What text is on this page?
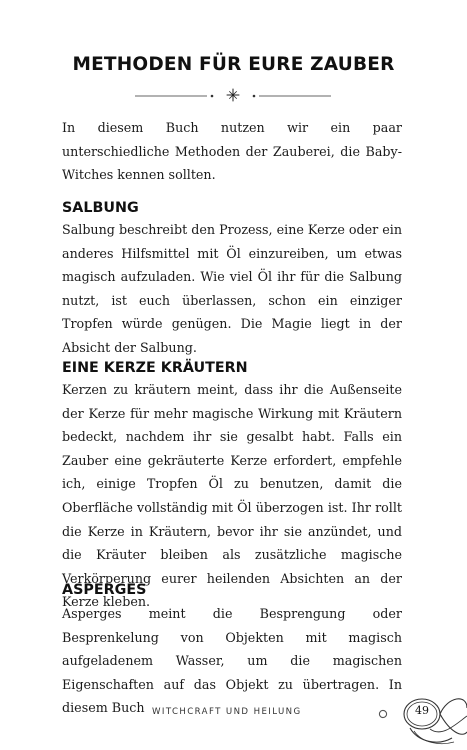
METHODEN FÜR EURE ZAUBER

In diesem Buch nutzen wir ein paar unterschiedliche Methoden der Zauberei, die Baby-Witches kennen sollten.

SALBUNG

Salbung beschreibt den Prozess, eine Kerze oder ein anderes Hilfsmittel mit Öl einzureiben, um etwas magisch aufzuladen. Wie viel Öl ihr für die Salbung nutzt, ist euch überlassen, schon ein einziger Tropfen würde genügen. Die Magie liegt in der Absicht der Salbung.

EINE KERZE KRÄUTERN

Kerzen zu kräutern meint, dass ihr die Außenseite der Kerze für mehr magische Wirkung mit Kräutern bedeckt, nachdem ihr sie gesalbt habt. Falls ein Zauber eine gekräuterte Kerze erfordert, empfehle ich, einige Tropfen Öl zu benutzen, damit die Oberfläche vollständig mit Öl überzogen ist. Ihr rollt die Kerze in Kräutern, bevor ihr sie anzündet, und die Kräuter bleiben als zusätzliche magische Verkörperung eurer heilenden Absichten an der Kerze kleben.

ASPERGES

Asperges meint die Besprengung oder Besprenkelung von Objekten mit magisch aufgeladenem Wasser, um die magischen Eigenschaften auf das Objekt zu übertragen. In diesem Buch WITCHCRAFT UND HEILUNG	49
